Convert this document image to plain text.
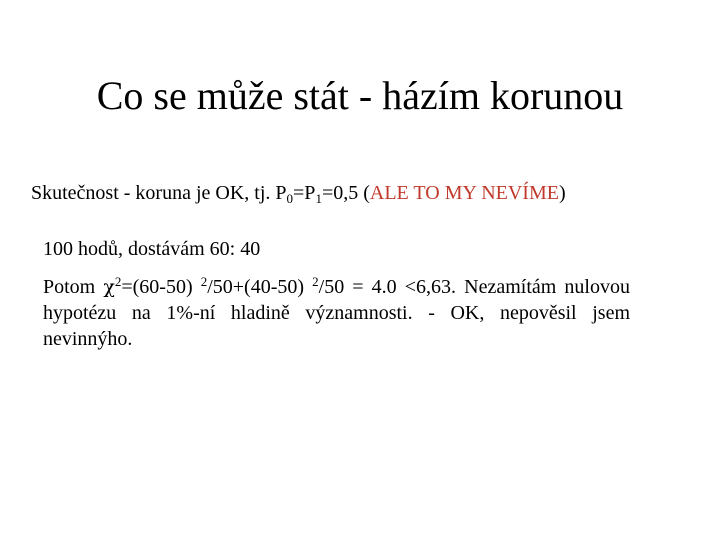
Co se může stát - házím korunou
Skutečnost - koruna je OK, tj. $P_0=P_1=0,5$ (ALE TO MY NEVÍME)
100 hodů, dostávám 60: 40
Potom $\chi^2=(60-50)$ $^2$/50+(40-50) $^2$/50 = 4.0 <6,63. Nezamítám nulovou hypotézu na 1%-ní hladině významnosti. - OK, nepověsil jsem nevinnýho.
